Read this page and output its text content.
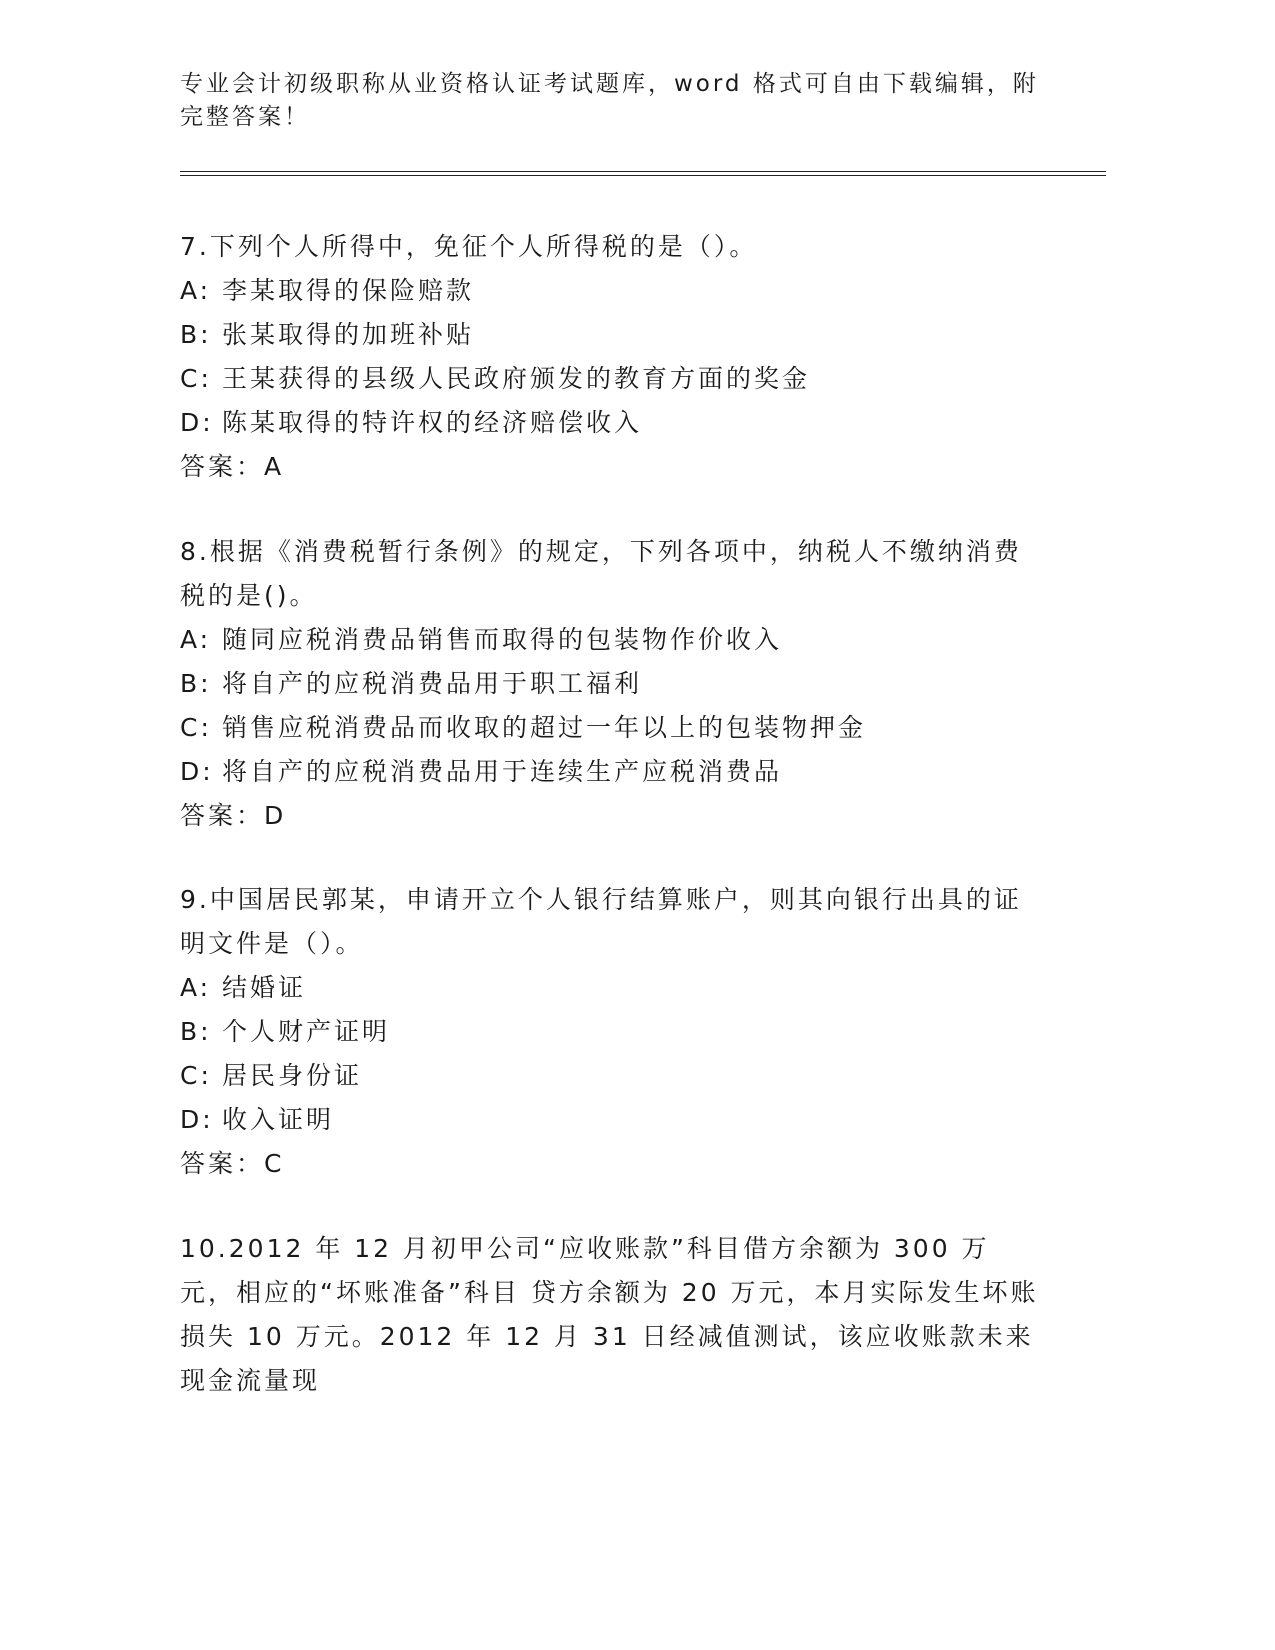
专业会计初级职称从业资格认证考试题库，word 格式可自由下载编辑，附完整答案！
7.下列个人所得中，免征个人所得税的是（）。
A: 李某取得的保险赔款
B: 张某取得的加班补贴
C: 王某获得的县级人民政府颁发的教育方面的奖金
D: 陈某取得的特许权的经济赔偿收入
答案：A
8.根据《消费税暂行条例》的规定，下列各项中，纳税人不缴纳消费税的是()。
A: 随同应税消费品销售而取得的包装物作价收入
B: 将自产的应税消费品用于职工福利
C: 销售应税消费品而收取的超过一年以上的包装物押金
D: 将自产的应税消费品用于连续生产应税消费品
答案：D
9.中国居民郭某，申请开立个人银行结算账户，则其向银行出具的证明文件是（）。
A: 结婚证
B: 个人财产证明
C: 居民身份证
D: 收入证明
答案：C
10.2012 年 12 月初甲公司“应收账款”科目借方余额为 300 万元，相应的“坏账准备”科目 贷方余额为 20 万元，本月实际发生坏账损失 10 万元。2012 年 12 月 31 日经减值测试，该应收账款未来现金流量现
